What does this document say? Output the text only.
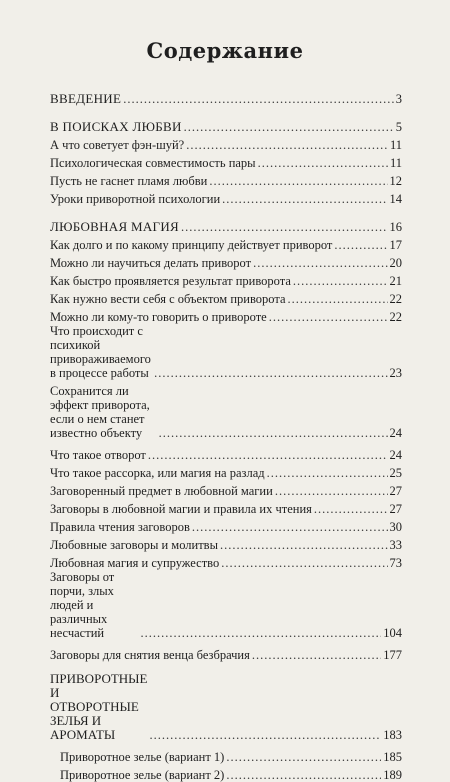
Содержание
ВВЕДЕНИЕ .....	3
В ПОИСКАХ ЛЮБВИ .....	5
А что советует фэн-шуй? .....	11
Психологическая совместимость пары .....	11
Пусть не гаснет пламя любви .....	12
Уроки приворотной психологии .....	14
ЛЮБОВНАЯ МАГИЯ .....	16
Как долго и по какому принципу действует приворот .....	17
Можно ли научиться делать приворот .....	20
Как быстро проявляется результат приворота .....	21
Как нужно вести себя с объектом приворота .....	22
Можно ли кому-то говорить о привороте .....	22
Что происходит с психикой привораживаемого в процессе работы .....	23
Сохранится ли эффект приворота, если о нем станет известно объекту .....	24
Что такое отворот .....	24
Что такое рассорка, или магия на разлад .....	25
Заговоренный предмет в любовной магии .....	27
Заговоры в любовной магии и правила их чтения .....	27
Правила чтения заговоров .....	30
Любовные заговоры и молитвы .....	33
Любовная магия и супружество .....	73
Заговоры от порчи, злых людей и различных несчастий .....	104
Заговоры для снятия венца безбрачия .....	177
ПРИВОРОТНЫЕ И ОТВОРОТНЫЕ ЗЕЛЬЯ И АРОМАТЫ .....	183
Приворотное зелье (вариант 1) .....	185
Приворотное зелье (вариант 2) .....	189
